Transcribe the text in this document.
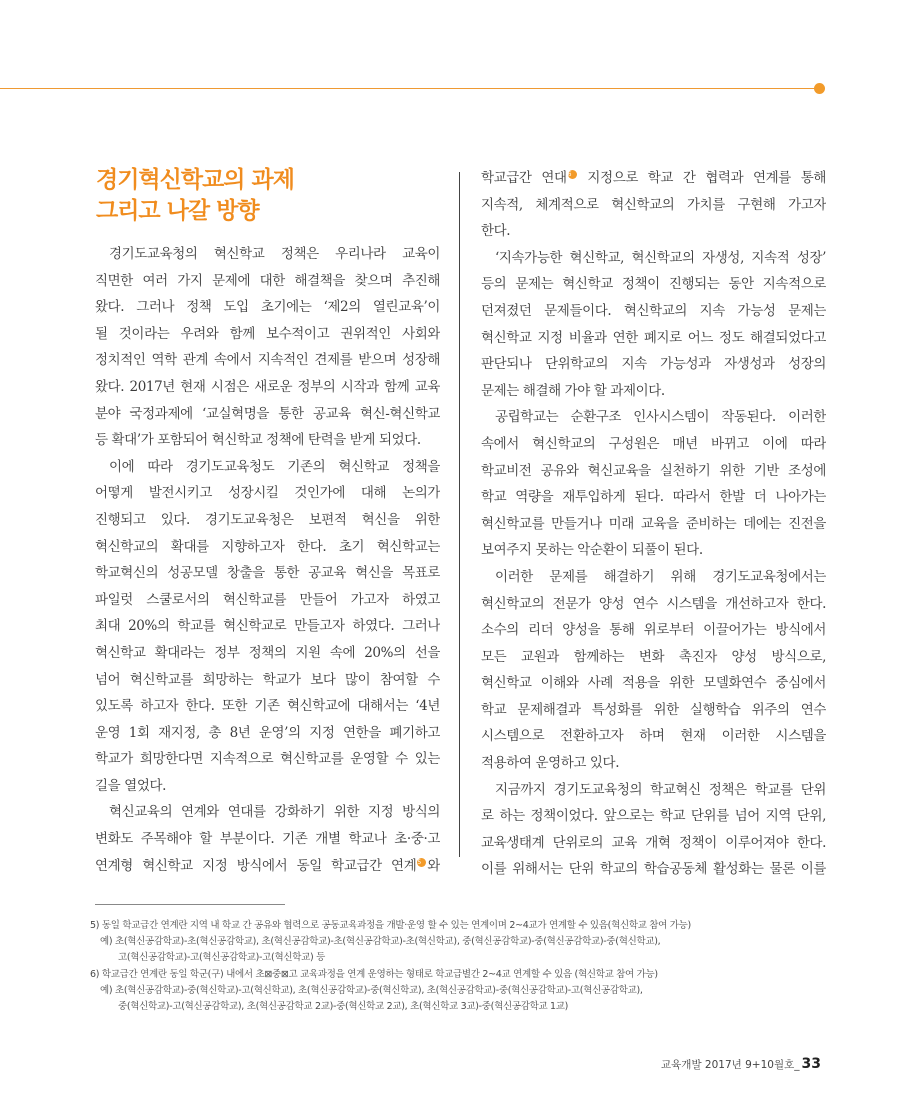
경기혁신학교의 과제
그리고 나갈 방향
경기도교육청의 혁신학교 정책은 우리나라 교육이
직면한 여러 가지 문제에 대한 해결책을 찾으며 추진해
왔다. 그러나 정책 도입 초기에는 ‘제2의 열린교육’이
될 것이라는 우려와 함께 보수적이고 권위적인 사회와
정치적인 역학 관계 속에서 지속적인 견제를 받으며 성장해
왔다. 2017년 현재 시점은 새로운 정부의 시작과 함께 교육
분야 국정과제에 ‘교실혁명을 통한 공교육 혁신-혁신학교
등 확대’가 포함되어 혁신학교 정책에 탄력을 받게 되었다.
이에 따라 경기도교육청도 기존의 혁신학교 정책을
어떻게 발전시키고 성장시킬 것인가에 대해 논의가
진행되고 있다. 경기도교육청은 보편적 혁신을 위한
혁신학교의 확대를 지향하고자 한다. 초기 혁신학교는
학교혁신의 성공모델 창출을 통한 공교육 혁신을 목표로
파일럿 스쿨로서의 혁신학교를 만들어 가고자 하였고
최대 20%의 학교를 혁신학교로 만들고자 하였다. 그러나
혁신학교 확대라는 정부 정책의 지원 속에 20%의 선을
넘어 혁신학교를 희망하는 학교가 보다 많이 참여할 수
있도록 하고자 한다. 또한 기존 혁신학교에 대해서는 ‘4년
운영 1회 재지정, 총 8년 운영’의 지정 연한을 폐기하고
학교가 희망한다면 지속적으로 혁신학교를 운영할 수 있는
길을 열었다.
혁신교육의 연계와 연대를 강화하기 위한 지정 방식의
변화도 주목해야 할 부분이다. 기존 개별 학교나 초·중·고
연계형 혁신학교 지정 방식에서 동일 학교급간 연계5 와
학교급간 연대6 지정으로 학교 간 협력과 연계를 통해
지속적, 체계적으로 혁신학교의 가치를 구현해 가고자
한다.
‘지속가능한 혁신학교, 혁신학교의 자생성, 지속적 성장’
등의 문제는 혁신학교 정책이 진행되는 동안 지속적으로
던져졌던 문제들이다. 혁신학교의 지속 가능성 문제는
혁신학교 지정 비율과 연한 폐지로 어느 정도 해결되었다고
판단되나 단위학교의 지속 가능성과 자생성과 성장의
문제는 해결해 가야 할 과제이다.
공립학교는 순환구조 인사시스템이 작동된다. 이러한
속에서 혁신학교의 구성원은 매년 바뀌고 이에 따라
학교비전 공유와 혁신교육을 실천하기 위한 기반 조성에
학교 역량을 재투입하게 된다. 따라서 한발 더 나아가는
혁신학교를 만들거나 미래 교육을 준비하는 데에는 진전을
보여주지 못하는 악순환이 되풀이 된다.
이러한 문제를 해결하기 위해 경기도교육청에서는
혁신학교의 전문가 양성 연수 시스템을 개선하고자 한다.
소수의 리더 양성을 통해 위로부터 이끌어가는 방식에서
모든 교원과 함께하는 변화 촉진자 양성 방식으로,
혁신학교 이해와 사례 적용을 위한 모델화연수 중심에서
학교 문제해결과 특성화를 위한 실행학습 위주의 연수
시스템으로 전환하고자 하며 현재 이러한 시스템을
적용하여 운영하고 있다.
지금까지 경기도교육청의 학교혁신 정책은 학교를 단위
로 하는 정책이었다. 앞으로는 학교 단위를 넘어 지역 단위,
교육생태계 단위로의 교육 개혁 정책이 이루어져야 한다.
이를 위해서는 단위 학교의 학습공동체 활성화는 물론 이를
5) 동일 학교급간 연계란 지역 내 학교 간 공유와 협력으로 공동교육과정을 개발·운영 할 수 있는 연계이며 2~4교가 연계할 수 있음(혁신학교 참여 가능)
예) 초(혁신공감학교)-초(혁신공감학교), 초(혁신공감학교)-초(혁신공감학교)-초(혁신학교), 중(혁신공감학교)-중(혁신공감학교)-중(혁신학교),
고(혁신공감학교)-고(혁신공감학교)-고(혁신학교) 등
6) 학교급간 연계란 동일 학군(구) 내에서 초⊠중⊠고 교육과정을 연계 운영하는 형태로 학교급별간 2~4교 연계할 수 있음 (혁신학교 참여 가능)
예) 초(혁신공감학교)-중(혁신학교)-고(혁신학교), 초(혁신공감학교)-중(혁신학교), 초(혁신공감학교)-중(혁신공감학교)-고(혁신공감학교),
중(혁신학교)-고(혁신공감학교), 초(혁신공감학교 2교)-중(혁신학교 2교), 초(혁신학교 3교)-중(혁신공감학교 1교)
교육개발 2017년 9+10월호_ 33
